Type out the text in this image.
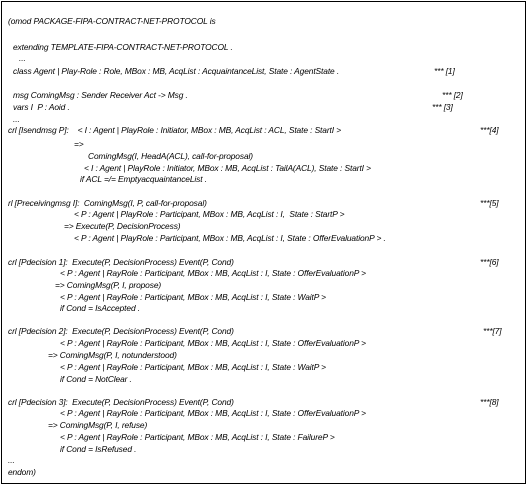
(omod PACKAGE-FIPA-CONTRACT-NET-PROTOCOL is
extending TEMPLATE-FIPA-CONTRACT-NET-PROTOCOL .
...
class Agent | Play-Role : Role, MBox : MB, AcqList : AcquaintanceList, State : AgentState .	*** [1]
msg ComingMsg : Sender Receiver Act -> Msg .	*** [2]
vars I  P : Aoid .	*** [3]
...
crl [Isendmsg P]:    < I : Agent | PlayRole : Initiator, MBox : MB, AcqList : ACL, State : StartI >	***[4]
=>
ComingMsg(I, HeadA(ACL), call-for-proposal)
< I : Agent | PlayRole : Initiator, MBox : MB, AcqList : TailA(ACL), State : StartI >
if ACL =/= EmptyacquaintanceList .
rl [Preceivingmsg I]:  ComingMsg(I, P, call-for-proposal)	***[5]
< P : Agent | PlayRole : Participant, MBox : MB, AcqList : I,  State : StartP >
=> Execute(P, DecisionProcess)
< P : Agent | PlayRole : Participant, MBox : MB, AcqList : I, State : OfferEvaluationP > .
crl [Pdecision 1]:  Execute(P, DecisionProcess) Event(P, Cond)	***[6]
< P : Agent | RayRole : Participant, MBox : MB, AcqList : I, State : OfferEvaluationP >
=> ComingMsg(P, I, propose)
< P : Agent | RayRole : Participant, MBox : MB, AcqList : I, State : WaitP >
if Cond = IsAccepted .
crl [Pdecision 2]:  Execute(P, DecisionProcess) Event(P, Cond)	***[7]
< P : Agent | RayRole : Participant, MBox : MB, AcqList : I, State : OfferEvaluationP >
=> ComingMsg(P, I, notunderstood)
< P : Agent | RayRole : Participant, MBox : MB, AcqList : I, State : WaitP >
if Cond = NotClear .
crl [Pdecision 3]:  Execute(P, DecisionProcess) Event(P, Cond)	***[8]
< P : Agent | RayRole : Participant, MBox : MB, AcqList : I, State : OfferEvaluationP >
=> ComingMsg(P, I, refuse)
< P : Agent | RayRole : Participant, MBox : MB, AcqList : I, State : FailureP >
if Cond = IsRefused .
...
endom)
